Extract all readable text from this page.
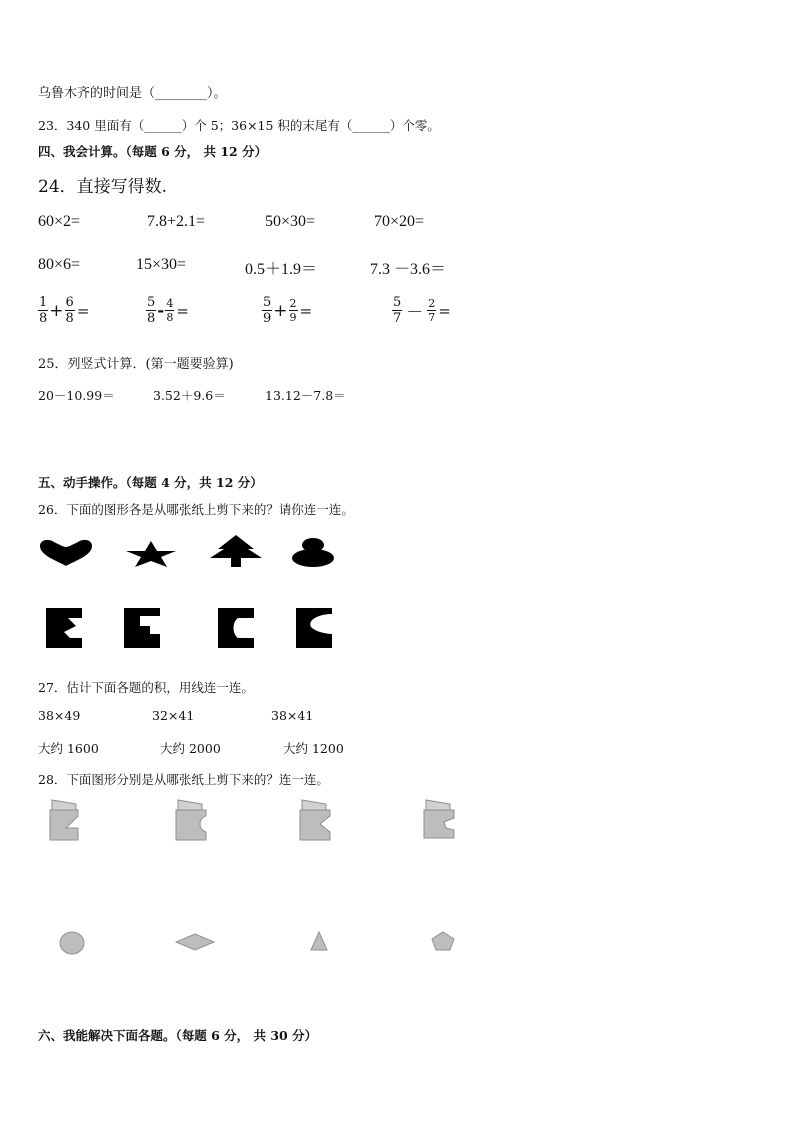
乌鲁木齐的时间是（________）。
23．340 里面有（______）个 5；36×15 积的末尾有（______）个零。
四、我会计算。（每题 6 分， 共 12 分）
24．直接写得数.
60×2=	7.8+2.1=	50×30=	70×20=
80×6=	15×30=	0.5＋1.9＝	7.3 －3.6＝
$\frac{1}{8} + \frac{6}{8}$ =	$\frac{5}{8} - \frac{4}{8}$ =	$\frac{5}{9} + \frac{2}{9}$ =	$\frac{5}{7} - \frac{2}{7}$ =
25．列竖式计算．(第一题要验算)
20－10.99＝	3.52＋9.6＝	13.12－7.8＝
五、动手操作。（每题 4 分，共 12 分）
26．下面的图形各是从哪张纸上剪下来的？请你连一连。
27．估计下面各题的积，用线连一连。
38×49	32×41	38×41
大约 1600	大约 2000	大约 1200
28．下面图形分别是从哪张纸上剪下来的？连一连。
六、我能解决下面各题。（每题 6 分， 共 30 分）
